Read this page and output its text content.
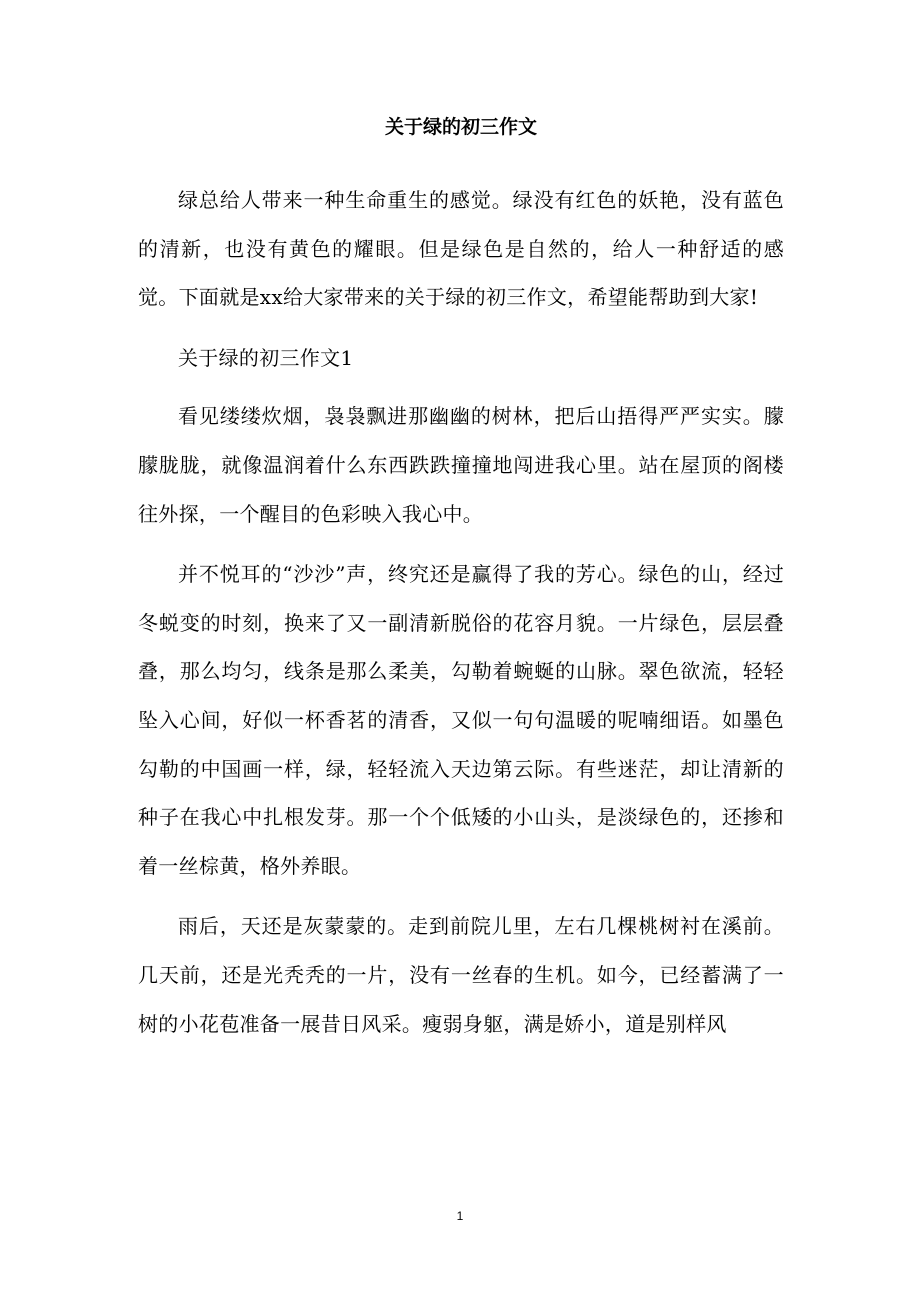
关于绿的初三作文

绿总给人带来一种生命重生的感觉。绿没有红色的妖艳，没有蓝色的清新，也没有黄色的耀眼。但是绿色是自然的，给人一种舒适的感觉。下面就是xx给大家带来的关于绿的初三作文，希望能帮助到大家!

关于绿的初三作文1

看见缕缕炊烟，袅袅飘进那幽幽的树林，把后山捂得严严实实。朦朦胧胧，就像温润着什么东西跌跌撞撞地闯进我心里。站在屋顶的阁楼往外探，一个醒目的色彩映入我心中。

并不悦耳的“沙沙”声，终究还是赢得了我的芳心。绿色的山，经过冬蜕变的时刻，换来了又一副清新脱俗的花容月貌。一片绿色，层层叠叠，那么均匀，线条是那么柔美，勾勒着蜿蜒的山脉。翠色欲流，轻轻坠入心间，好似一杯香茗的清香，又似一句句温暖的呢喃细语。如墨色勾勒的中国画一样，绿，轻轻流入天边第云际。有些迷茫，却让清新的种子在我心中扎根发芽。那一个个低矮的小山头，是淡绿色的，还掺和着一丝棕黄，格外养眼。

雨后，天还是灰蒙蒙的。走到前院儿里，左右几棵桃树衬在溪前。几天前，还是光秃秃的一片，没有一丝春的生机。如今，已经蓄满了一树的小花苞准备一展昔日风采。瘦弱身躯，满是娇小，道是别样风

1
